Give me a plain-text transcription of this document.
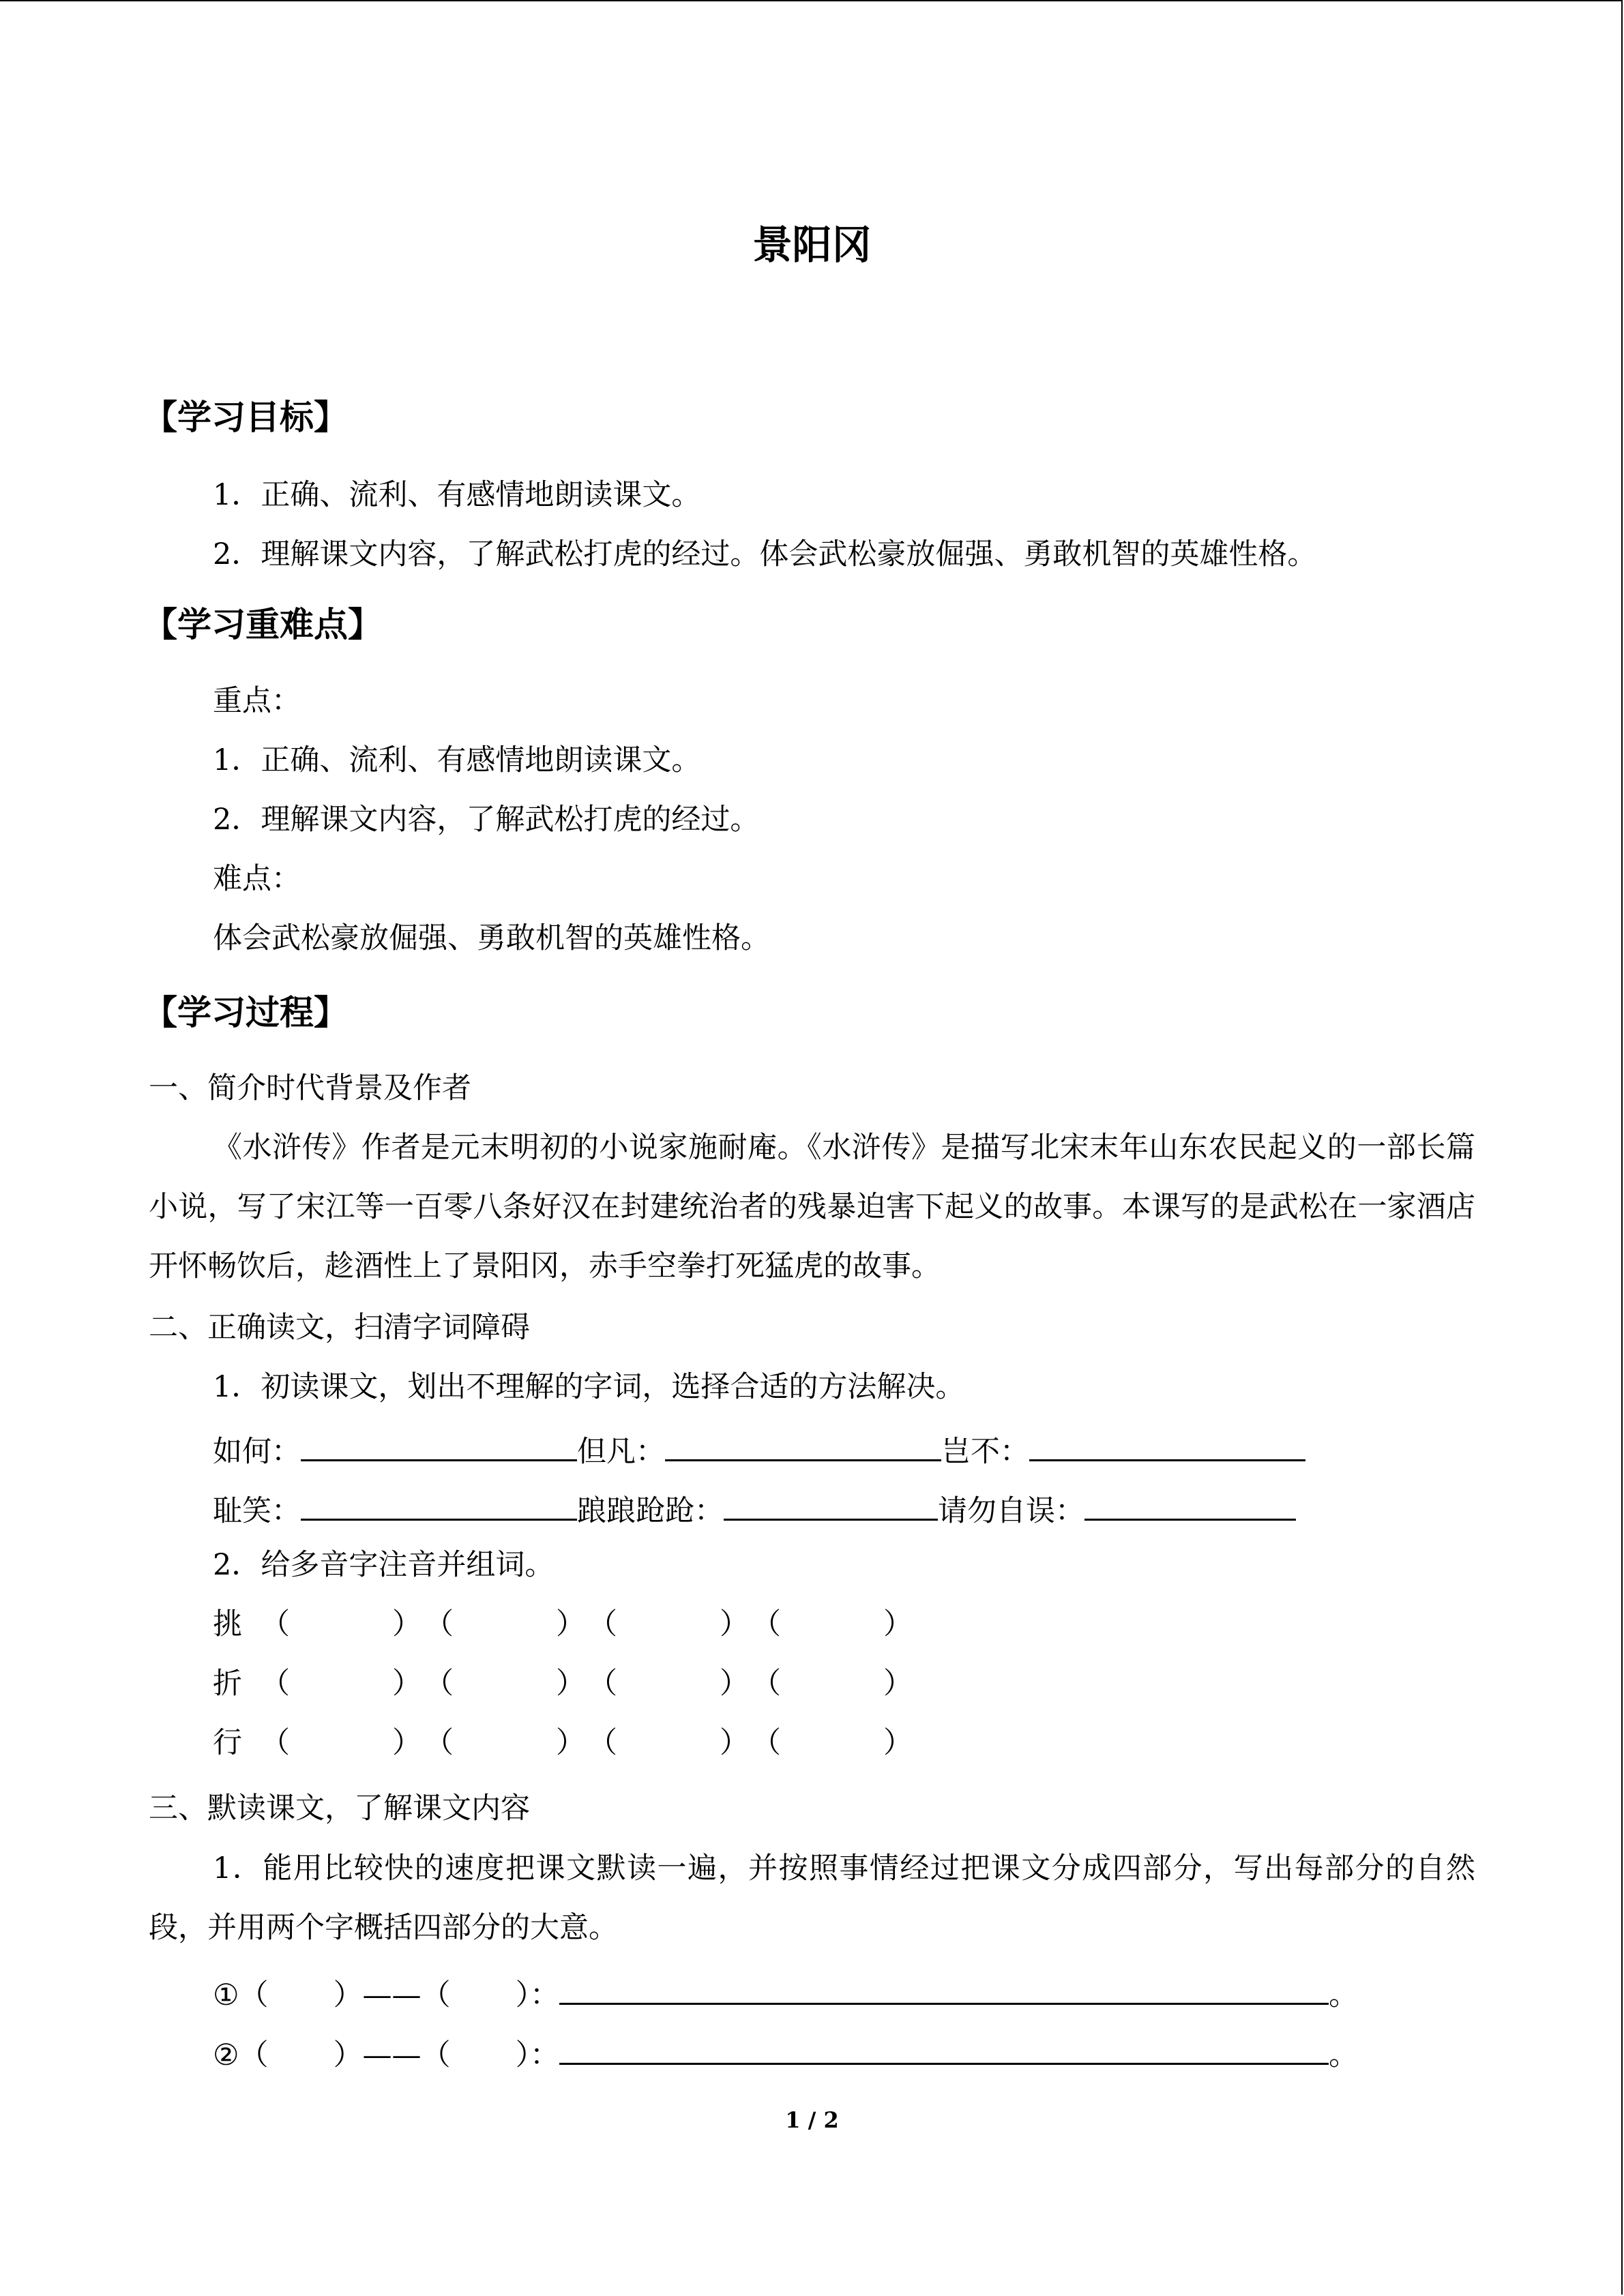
景阳冈
【学习目标】
1．正确、流利、有感情地朗读课文。
2．理解课文内容，了解武松打虎的经过。体会武松豪放倔强、勇敢机智的英雄性格。
【学习重难点】
重点：
1．正确、流利、有感情地朗读课文。
2．理解课文内容，了解武松打虎的经过。
难点：
体会武松豪放倔强、勇敢机智的英雄性格。
【学习过程】
一、简介时代背景及作者
《水浒传》作者是元末明初的小说家施耐庵。《水浒传》是描写北宋末年山东农民起义的一部长篇小说，写了宋江等一百零八条好汉在封建统治者的残暴迫害下起义的故事。本课写的是武松在一家酒店开怀畅饮后，趁酒性上了景阳冈，赤手空拳打死猛虎的故事。
二、正确读文，扫清字词障碍
1．初读课文，划出不理解的字词，选择合适的方法解决。
如何：	但凡：	岂不：
耻笑：	踉踉跄跄：	请勿自误：
2．给多音字注音并组词。
挑 （	）（	）（	）（	）
折 （	）（	）（	）（	）
行 （	）（	）（	）（	）
三、默读课文，了解课文内容
1．能用比较快的速度把课文默读一遍，并按照事情经过把课文分成四部分，写出每部分的自然段，并用两个字概括四部分的大意。
①（ ）——（ ）：	。
②（ ）——（ ）：	。
1 / 2
